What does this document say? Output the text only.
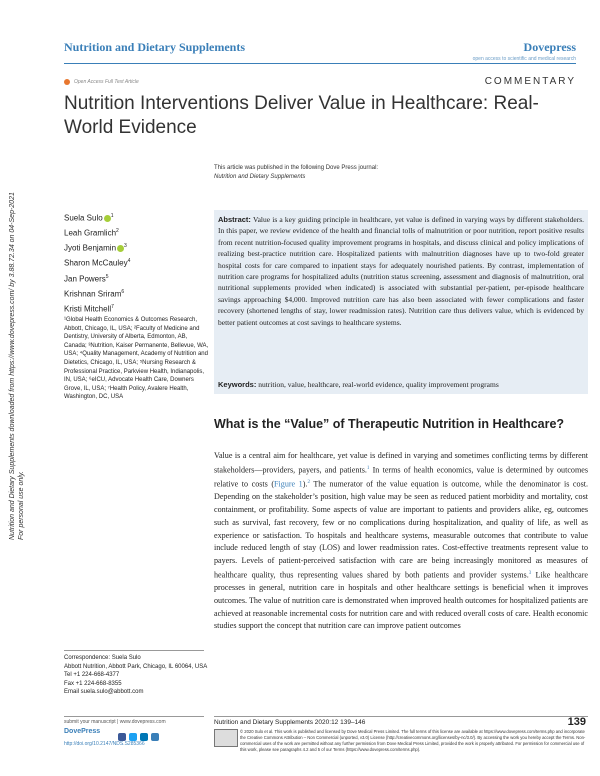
Nutrition and Dietary Supplements	Dovepress
open access to scientific and medical research
Open Access Full Text Article	COMMENTARY
Nutrition Interventions Deliver Value in Healthcare: Real-World Evidence
This article was published in the following Dove Press journal:
Nutrition and Dietary Supplements
Nutrition and Dietary Supplements downloaded from https://www.dovepress.com/ by 3.88.72.34 on 04-Sep-2021 For personal use only.
Suela Sulo $^1$
Leah Gramlich$^2$
Jyoti Benjamin $^3$
Sharon McCauley$^4$
Jan Powers$^5$
Krishnan Sriram$^6$
Kristi Mitchell$^7$
¹Global Health Economics & Outcomes Research, Abbott, Chicago, IL, USA; ²Faculty of Medicine and Dentistry, University of Alberta, Edmonton, AB, Canada; ³Nutrition, Kaiser Permanente, Bellevue, WA, USA; ⁴Quality Management, Academy of Nutrition and Dietetics, Chicago, IL, USA; ⁵Nursing Research & Professional Practice, Parkview Health, Indianapolis, IN, USA; ⁶eICU, Advocate Health Care, Downers Grove, IL, USA; ⁷Health Policy, Avalere Health, Washington, DC, USA
Correspondence: Suela Sulo
Abbott Nutrition, Abbott Park, Chicago, IL 60064, USA
Tel +1 224-668-4377
Fax +1 224-668-8355
Email suela.sulo@abbott.com
Abstract: Value is a key guiding principle in healthcare, yet value is defined in varying ways by different stakeholders. In this paper, we review evidence of the health and financial tolls of malnutrition or poor nutrition, report positive results from recent nutrition-focused quality improvement programs in hospitals, and discuss clinical and policy implications of realizing best-practice nutrition care. Hospitalized patients with malnutrition diagnoses have up to two-fold greater hospital costs for care compared to inpatient stays for adequately nourished patients. By contrast, implementation of nutrition care programs for hospitalized adults (nutrition status screening, assessment and diagnosis of malnutrition, oral nutritional supplements provided when indicated) is associated with substantial per-patient, per-episode healthcare savings approaching $4,000. Improved nutrition care has also been associated with fewer complications and faster recovery (shortened lengths of stay, lower readmission rates). Nutrition care thus delivers value, which is evidenced by better patient outcomes at cost savings to healthcare systems.
Keywords: nutrition, value, healthcare, real-world evidence, quality improvement programs
What is the “Value” of Therapeutic Nutrition in Healthcare?
Value is a central aim for healthcare, yet value is defined in varying and sometimes conflicting terms by different stakeholders—providers, payers, and patients.$^1$ In terms of health economics, value is determined by outcomes relative to costs (Figure 1).$^2$ The numerator of the value equation is outcome, while the denominator is cost. Depending on the stakeholder’s position, high value may be seen as reduced patient morbidity and mortality, cost containment, or profitability. Some aspects of value are important to patients and providers alike, eg, outcomes such as survival, fast recovery, few or no complications during hospitalization, and quality of life, as well as experience or satisfaction. To hospitals and healthcare systems, measurable outcomes that contribute to value include reduced length of stay (LOS) and lower readmission rates. Cost-effective treatments represent value to payers. Levels of patient-perceived satisfaction with care are being increasingly monitored as measures of healthcare quality, thus representing values shared by both patients and provider systems.$^3$ Like healthcare processes in general, nutrition care in hospitals and other healthcare settings is beneficial when it improves outcomes. The value of nutrition care is demonstrated when improved health outcomes for hospitalized patients are achieved at reasonable incremental costs for nutrition care and with reduced overall costs of care. Health economic studies support the concept that nutrition care can improve patient outcomes
submit your manuscript | www.dovepress.com
DovePress
http://doi.org/10.2147/NDS.S285366
Nutrition and Dietary Supplements 2020:12 139–146	139
© 2020 Sulo et al. This work is published and licensed by Dove Medical Press Limited. The full terms of this license are available at https://www.dovepress.com/terms.php and incorporate the Creative Commons Attribution – Non Commercial (unported, v3.0) License (http://creativecommons.org/licenses/by-nc/3.0/). By accessing the work you hereby accept the Terms. Non-commercial uses of the work are permitted without any further permission from Dove Medical Press Limited, provided the work is properly attributed. For permission for commercial use of this work, please see paragraphs 4.2 and 5 of our Terms (https://www.dovepress.com/terms.php).
